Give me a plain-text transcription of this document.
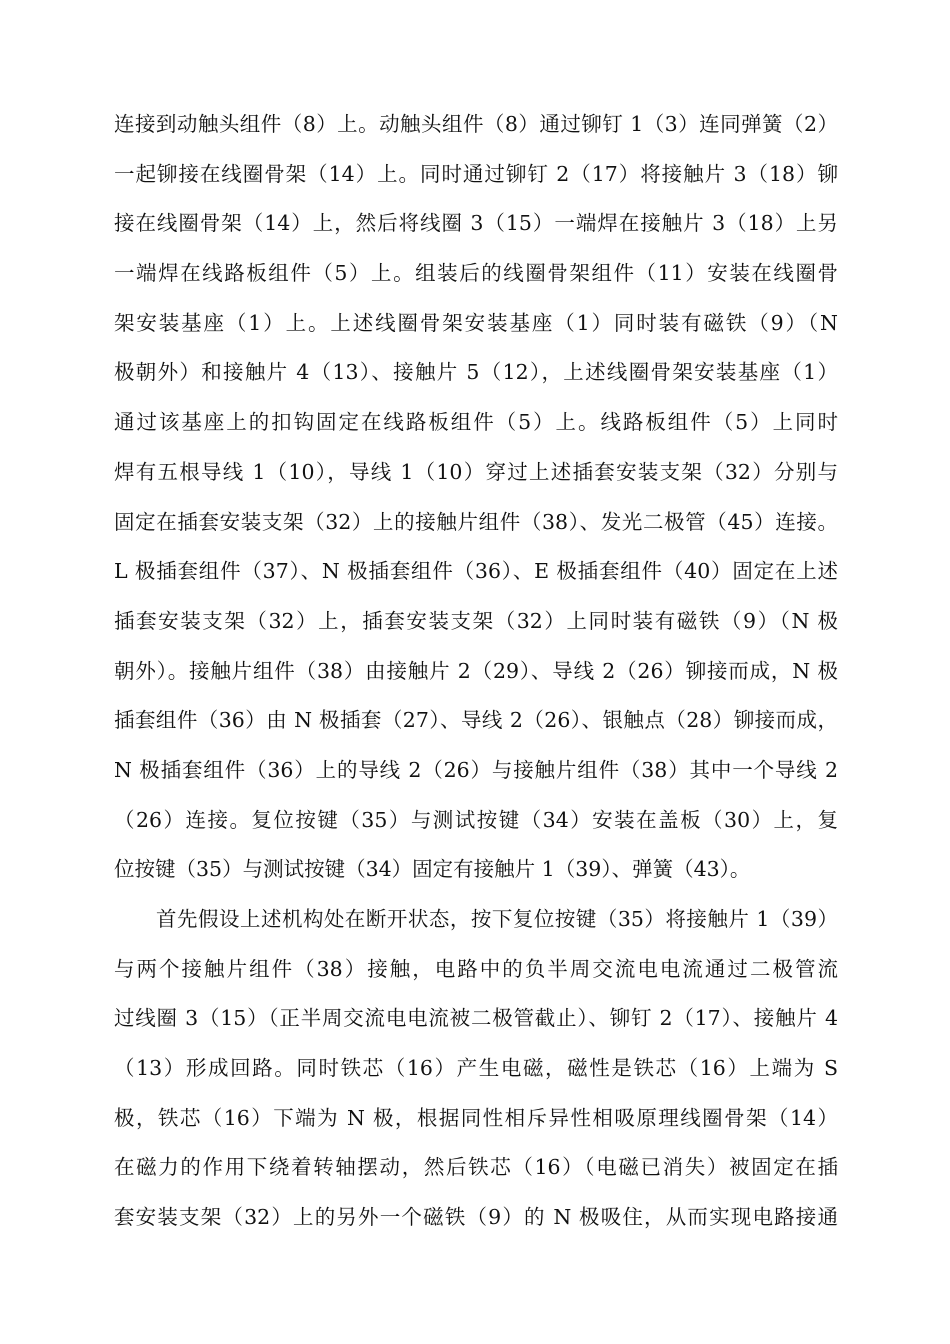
连接到动触头组件（8）上。动触头组件（8）通过铆钉 1（3）连同弹簧（2）
一起铆接在线圈骨架（14）上。同时通过铆钉 2（17）将接触片 3（18）铆
接在线圈骨架（14）上，然后将线圈 3（15）一端焊在接触片 3（18）上另
一端焊在线路板组件（5）上。组装后的线圈骨架组件（11）安装在线圈骨
架安装基座（1）上。上述线圈骨架安装基座（1）同时装有磁铁（9）（N
极朝外）和接触片 4（13）、接触片 5（12），上述线圈骨架安装基座（1）
通过该基座上的扣钩固定在线路板组件（5）上。线路板组件（5）上同时
焊有五根导线 1（10），导线 1（10）穿过上述插套安装支架（32）分别与
固定在插套安装支架（32）上的接触片组件（38）、发光二极管（45）连接。
L 极插套组件（37）、N 极插套组件（36）、E 极插套组件（40）固定在上述
插套安装支架（32）上，插套安装支架（32）上同时装有磁铁（9）（N 极
朝外）。接触片组件（38）由接触片 2（29）、导线 2（26）铆接而成，N 极
插套组件（36）由 N 极插套（27）、导线 2（26）、银触点（28）铆接而成，
N 极插套组件（36）上的导线 2（26）与接触片组件（38）其中一个导线 2
（26）连接。复位按键（35）与测试按键（34）安装在盖板（30）上，复
位按键（35）与测试按键（34）固定有接触片 1（39）、弹簧（43）。
首先假设上述机构处在断开状态，按下复位按键（35）将接触片 1（39）
与两个接触片组件（38）接触，电路中的负半周交流电电流通过二极管流
过线圈 3（15）（正半周交流电电流被二极管截止）、铆钉 2（17）、接触片 4
（13）形成回路。同时铁芯（16）产生电磁，磁性是铁芯（16）上端为 S
极，铁芯（16）下端为 N 极，根据同性相斥异性相吸原理线圈骨架（14）
在磁力的作用下绕着转轴摆动，然后铁芯（16）（电磁已消失）被固定在插
套安装支架（32）上的另外一个磁铁（9）的 N 极吸住，从而实现电路接通
